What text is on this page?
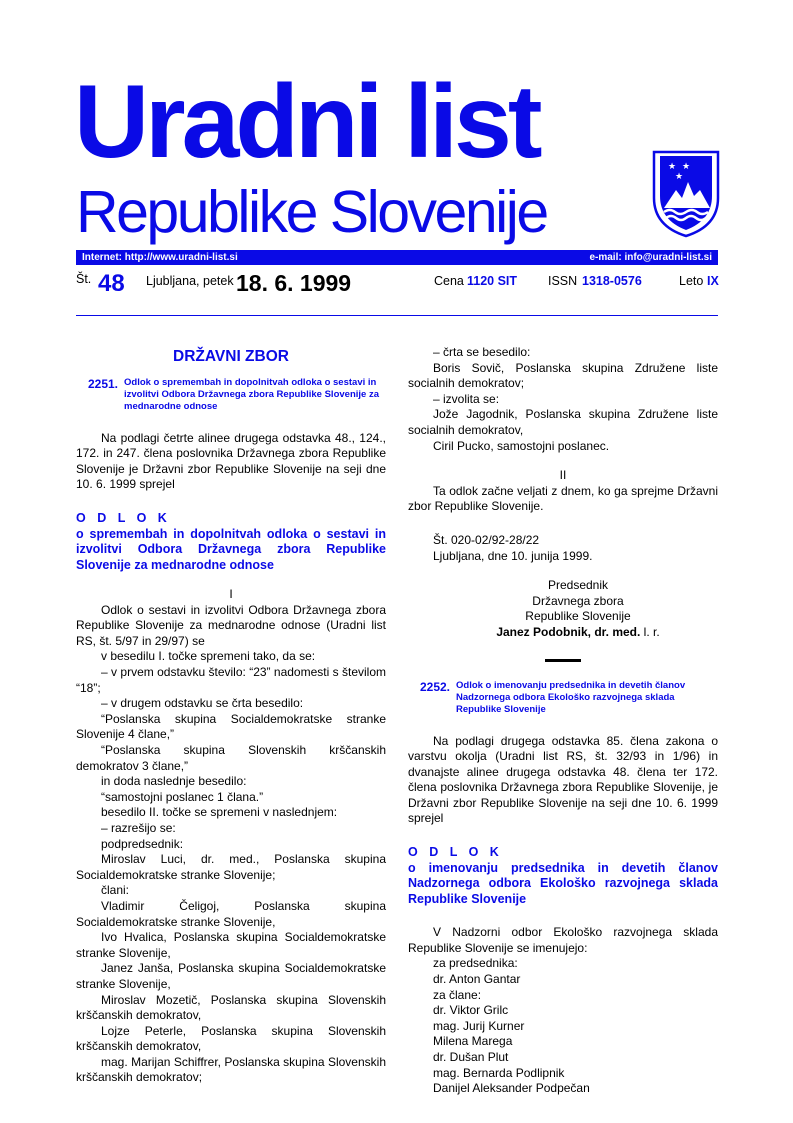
Uradni list
Republike Slovenije
★ ★
★
Internet: http://www.uradni-list.si	e-mail: info@uradni-list.si
Št. 48 Ljubljana, petek 18. 6. 1999	Cena 1120 SIT ISSN 1318-0576	Leto IX
DRŽAVNI ZBOR
2251. Odlok o spremembah in dopolnitvah odloka o sestavi in izvolitvi Odbora Državnega zbora Republike Slovenije za mednarodne odnose

Na podlagi četrte alinee drugega odstavka 48., 124., 172. in 247. člena poslovnika Državnega zbora Republike Slovenije je Državni zbor Republike Slovenije na seji dne 10. 6. 1999 sprejel

O D L O K

o spremembah in dopolnitvah odloka o sestavi in izvolitvi Odbora Državnega zbora Republike Slovenije za mednarodne odnose

I

Odlok o sestavi in izvolitvi Odbora Državnega zbora Republike Slovenije za mednarodne odnose (Uradni list RS, št. 5/97 in 29/97) se

v besedilu I. točke spremeni tako, da se:

– v prvem odstavku število: “23” nadomesti s številom “18”;

– v drugem odstavku se črta besedilo:

“Poslanska skupina Socialdemokratske stranke Slovenije 4 člane,”

“Poslanska skupina Slovenskih krščanskih demokratov 3 člane,”

in doda naslednje besedilo:

“samostojni poslanec 1 člana.”

besedilo II. točke se spremeni v naslednjem:

– razrešijo se:

podpredsednik:

Miroslav Luci, dr. med., Poslanska skupina Socialdemokratske stranke Slovenije;

člani:

Vladimir Čeligoj, Poslanska skupina Socialdemokratske stranke Slovenije,

Ivo Hvalica, Poslanska skupina Socialdemokratske stranke Slovenije,

Janez Janša, Poslanska skupina Socialdemokratske stranke Slovenije,

Miroslav Mozetič, Poslanska skupina Slovenskih krščanskih demokratov,

Lojze Peterle, Poslanska skupina Slovenskih krščanskih demokratov,

mag. Marijan Schiffrer, Poslanska skupina Slovenskih krščanskih demokratov;

– črta se besedilo:

Boris Sovič, Poslanska skupina Združene liste socialnih demokratov;

– izvolita se:

Jože Jagodnik, Poslanska skupina Združene liste socialnih demokratov,

Ciril Pucko, samostojni poslanec.

II

Ta odlok začne veljati z dnem, ko ga sprejme Državni zbor Republike Slovenije.

Št. 020-02/92-28/22

Ljubljana, dne 10. junija 1999.

Predsednik
Državnega zbora
Republike Slovenije
Janez Podobnik, dr. med. l. r.
2252. Odlok o imenovanju predsednika in devetih članov Nadzornega odbora Ekološko razvojnega sklada Republike Slovenije

Na podlagi drugega odstavka 85. člena zakona o varstvu okolja (Uradni list RS, št. 32/93 in 1/96) in dvanajste alinee drugega odstavka 48. člena ter 172. člena poslovnika Državnega zbora Republike Slovenije, je Državni zbor Republike Slovenije na seji dne 10. 6. 1999 sprejel

O D L O K

o imenovanju predsednika in devetih članov Nadzornega odbora Ekološko razvojnega sklada Republike Slovenije

V Nadzorni odbor Ekološko razvojnega sklada Republike Slovenije se imenujejo:

za predsednika:

dr. Anton Gantar

za člane:

dr. Viktor Grilc

mag. Jurij Kurner

Milena Marega

dr. Dušan Plut

mag. Bernarda Podlipnik

Danijel Aleksander Podpečan
